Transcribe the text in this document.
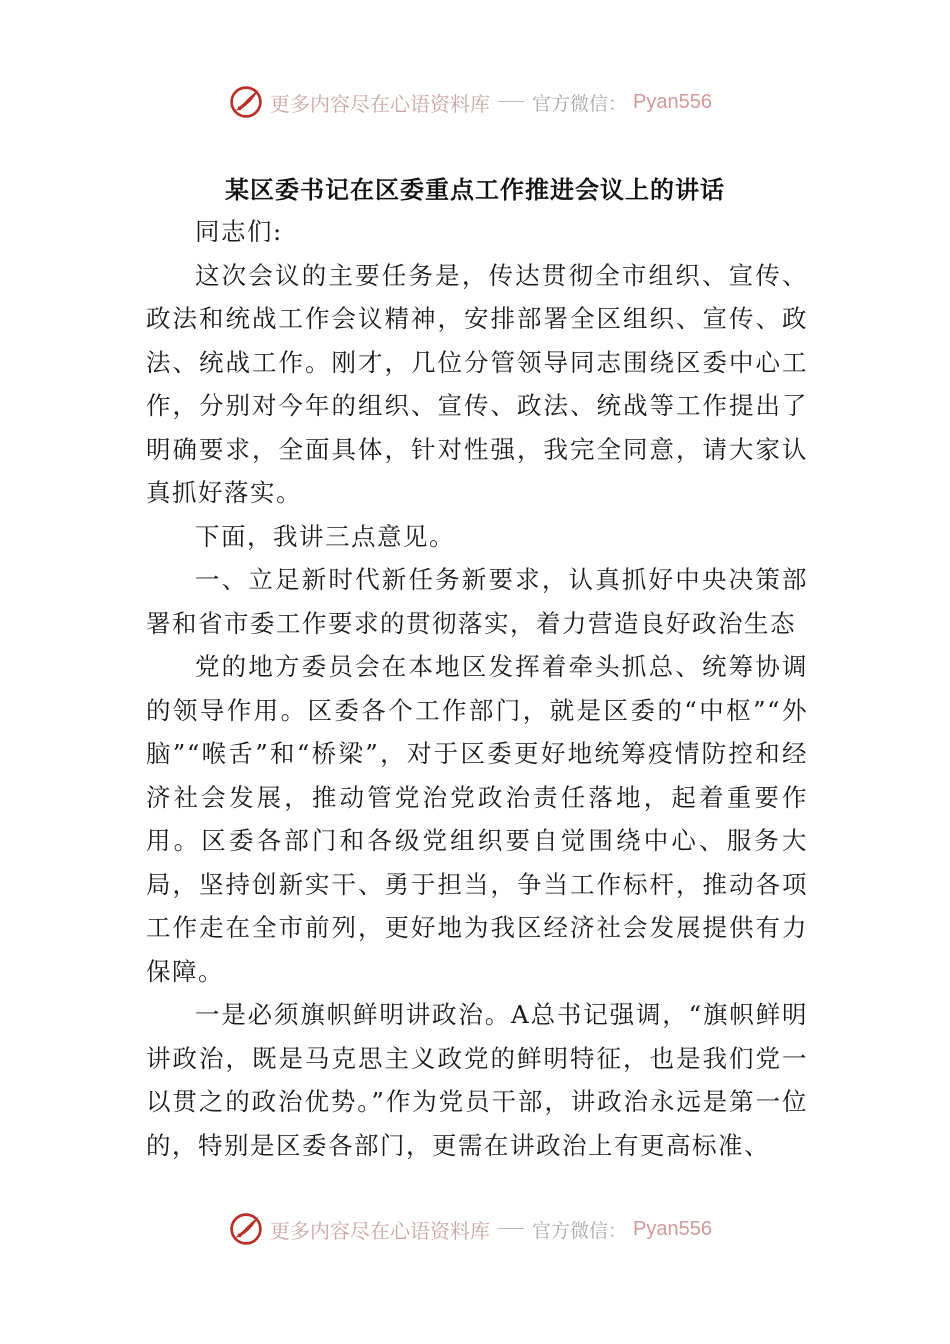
更多内容尽在心语资料库 官方微信： Pyan556
某区委书记在区委重点工作推进会议上的讲话

同志们:

这次会议的主要任务是，传达贯彻全市组织、宣传、政法和统战工作会议精神，安排部署全区组织、宣传、政法、统战工作。刚才，几位分管领导同志围绕区委中心工作，分别对今年的组织、宣传、政法、统战等工作提出了明确要求，全面具体，针对性强，我完全同意，请大家认真抓好落实。

下面，我讲三点意见。

一、立足新时代新任务新要求，认真抓好中央决策部署和省市委工作要求的贯彻落实，着力营造良好政治生态

党的地方委员会在本地区发挥着牵头抓总、统筹协调的领导作用。区委各个工作部门，就是区委的“中枢”“外脑”“喉舌”和“桥梁”，对于区委更好地统筹疫情防控和经济社会发展，推动管党治党政治责任落地，起着重要作用。区委各部门和各级党组织要自觉围绕中心、服务大局，坚持创新实干、勇于担当，争当工作标杆，推动各项工作走在全市前列，更好地为我区经济社会发展提供有力保障。

一是必须旗帜鲜明讲政治。A总书记强调，“旗帜鲜明讲政治，既是马克思主义政党的鲜明特征，也是我们党一以贯之的政治优势。”作为党员干部，讲政治永远是第一位的，特别是区委各部门，更需在讲政治上有更高标准、

更多内容尽在心语资料库 官方微信： Pyan556
